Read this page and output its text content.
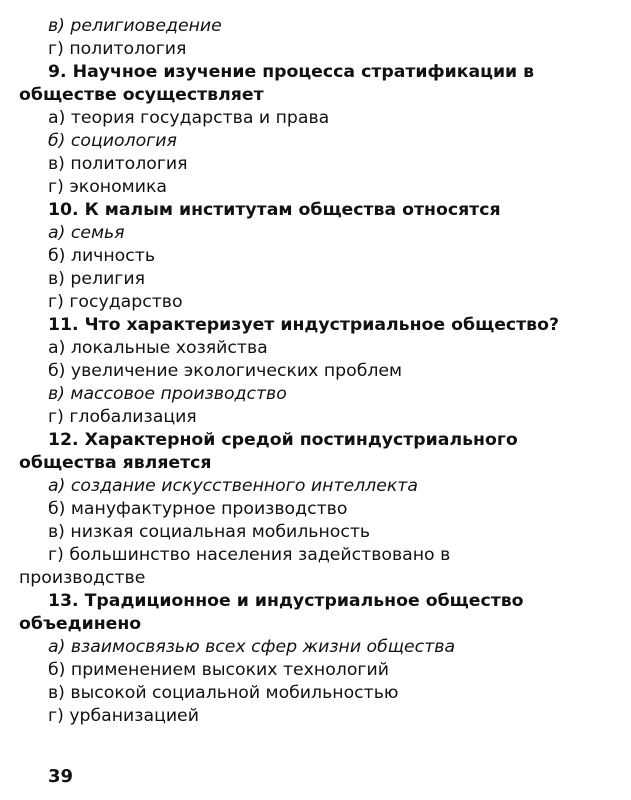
в) религиоведение
г) политология
9. Научное изучение процесса стратификации в
обществе осуществляет
а) теория государства и права
б) социология
в) политология
г) экономика
10. К малым институтам общества относятся
а) семья
б) личность
в) религия
г) государство
11. Что характеризует индустриальное общество?
а) локальные хозяйства
б) увеличение экологических проблем
в) массовое производство
г) глобализация
12. Характерной средой постиндустриального
общества является
а) создание искусственного интеллекта
б) мануфактурное производство
в) низкая социальная мобильность
г) большинство населения задействовано в
производстве
13. Традиционное и индустриальное общество
объединено
а) взаимосвязью всех сфер жизни общества
б) применением высоких технологий
в) высокой социальной мобильностью
г) урбанизацией
39
